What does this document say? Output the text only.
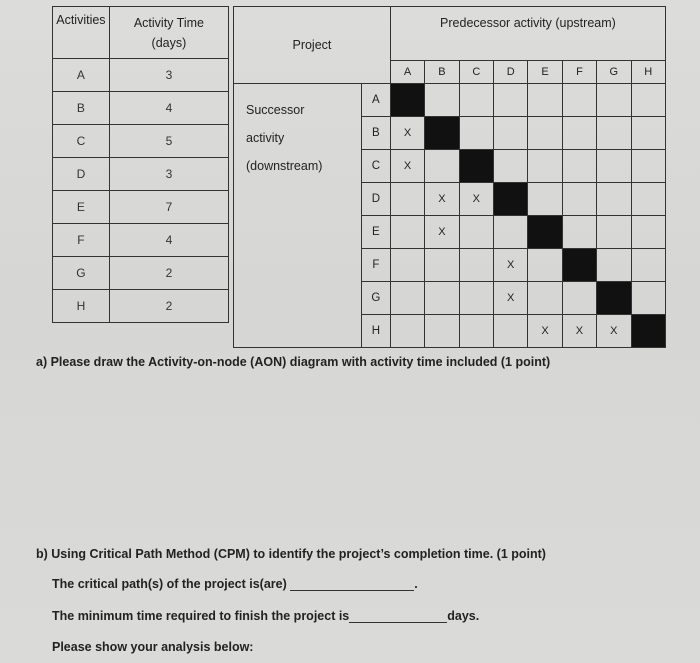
Activities	Activity Time (days)
A	3
B	4
C	5
D	3
E	7
F	4
G	2
H	2
Project		Predecessor activity (upstream)							
		A	B	C	D	E	F	G	H

Successor
activity
(downstream)	A								
	B	X							
	C	X							
	D		X	X					
	E		X						
	F				X				
	G				X				
	H					X	X	X	
a) Please draw the Activity-on-node (AON) diagram with activity time included (1 point)
b) Using Critical Path Method (CPM) to identify the project’s completion time. (1 point)
The critical path(s) of the project is(are)	.
The minimum time required to finish the project is	days.
Please show your analysis below:
